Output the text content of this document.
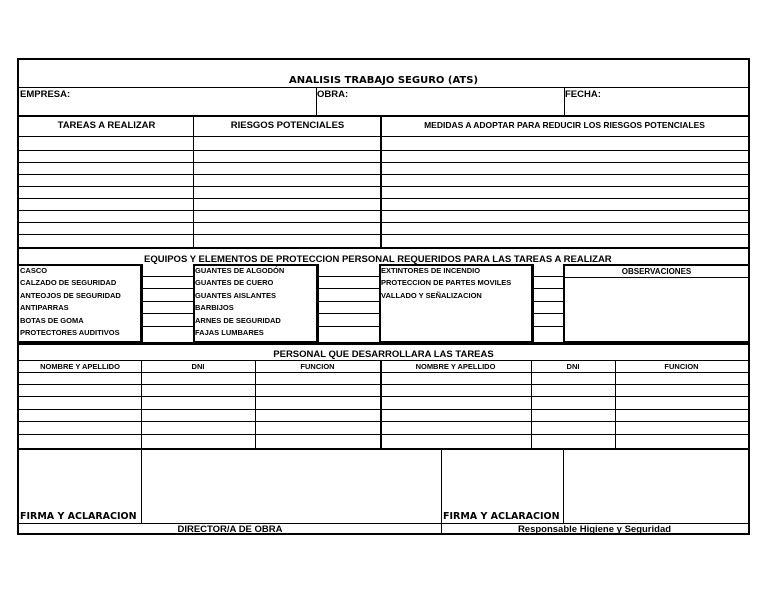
ANALISIS TRABAJO SEGURO (ATS)
EMPRESA:	OBRA:	FECHA:
TAREAS A REALIZAR	RIESGOS POTENCIALES	MEDIDAS A ADOPTAR PARA REDUCIR LOS RIESGOS POTENCIALES
EQUIPOS Y ELEMENTOS DE PROTECCION PERSONAL REQUERIDOS PARA LAS TAREAS A REALIZAR
CASCO
CALZADO DE SEGURIDAD
ANTEOJOS DE SEGURIDAD
ANTIPARRAS
BOTAS DE GOMA
PROTECTORES AUDITIVOS
GUANTES DE ALGODÓN
GUANTES DE CUERO
GUANTES AISLANTES
BARBIJOS
ARNES DE SEGURIDAD
FAJAS LUMBARES
EXTINTORES DE INCENDIO
PROTECCION DE PARTES MOVILES
VALLADO Y SEÑALIZACION
OBSERVACIONES
PERSONAL QUE DESARROLLARA LAS TAREAS
NOMBRE Y APELLIDO	DNI	FUNCION	NOMBRE Y APELLIDO	DNI	FUNCION
FIRMA Y ACLARACION	FIRMA Y ACLARACION
DIRECTOR/A DE OBRA	Responsable Higiene y Seguridad
